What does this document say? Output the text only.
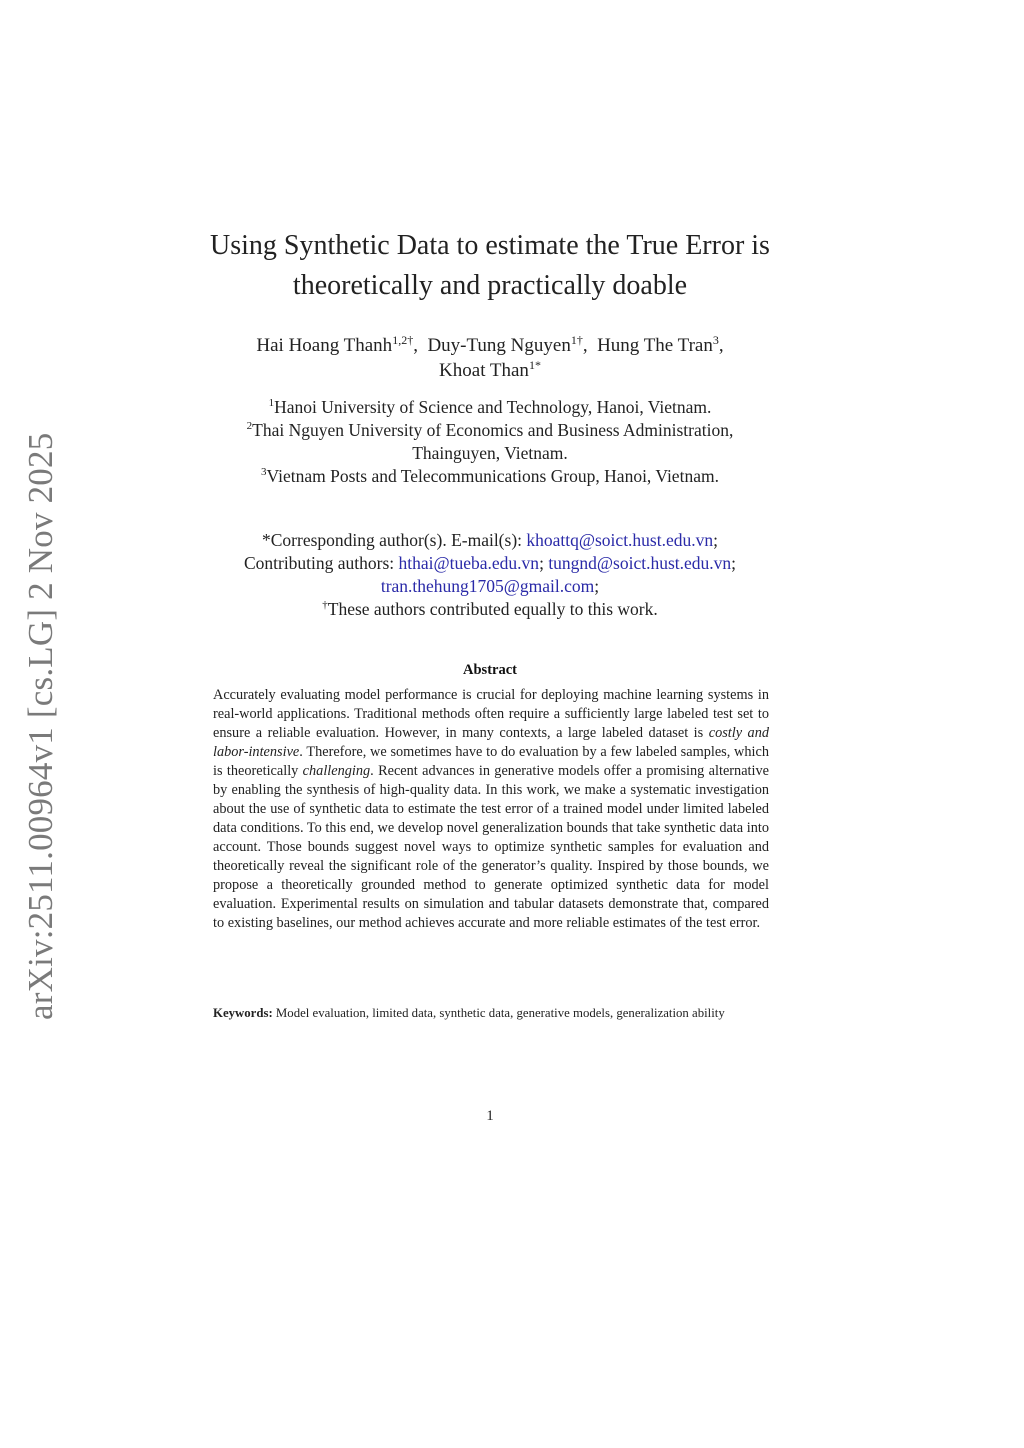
arXiv:2511.00964v1 [cs.LG] 2 Nov 2025
Using Synthetic Data to estimate the True Error is
theoretically and practically doable
Hai Hoang Thanh$^{1,2\dagger}$,  Duy-Tung Nguyen$^{1\dagger}$,  Hung The Tran$^3$,
Khoat Than$^{1*}$
$^1$Hanoi University of Science and Technology, Hanoi, Vietnam.
$^2$Thai Nguyen University of Economics and Business Administration,
Thainguyen, Vietnam.
$^3$Vietnam Posts and Telecommunications Group, Hanoi, Vietnam.
*Corresponding author(s). E-mail(s): khoattq@soict.hust.edu.vn;
Contributing authors: hthai@tueba.edu.vn; tungnd@soict.hust.edu.vn;
tran.thehung1705@gmail.com;
†These authors contributed equally to this work.
Abstract
Accurately evaluating model performance is crucial for deploying machine learning systems in real-world applications. Traditional methods often require a sufficiently large labeled test set to ensure a reliable evaluation. However, in many contexts, a large labeled dataset is costly and labor-intensive. Therefore, we sometimes have to do evaluation by a few labeled samples, which is theoretically challenging. Recent advances in generative models offer a promising alternative by enabling the synthesis of high-quality data. In this work, we make a systematic investigation about the use of synthetic data to estimate the test error of a trained model under limited labeled data conditions. To this end, we develop novel generalization bounds that take synthetic data into account. Those bounds suggest novel ways to optimize synthetic samples for evaluation and theoretically reveal the significant role of the generator’s quality. Inspired by those bounds, we propose a theoretically grounded method to generate optimized synthetic data for model evaluation. Experimental results on simulation and tabular datasets demonstrate that, compared to existing baselines, our method achieves accurate and more reliable estimates of the test error.
Keywords: Model evaluation, limited data, synthetic data, generative models, generalization ability
1
